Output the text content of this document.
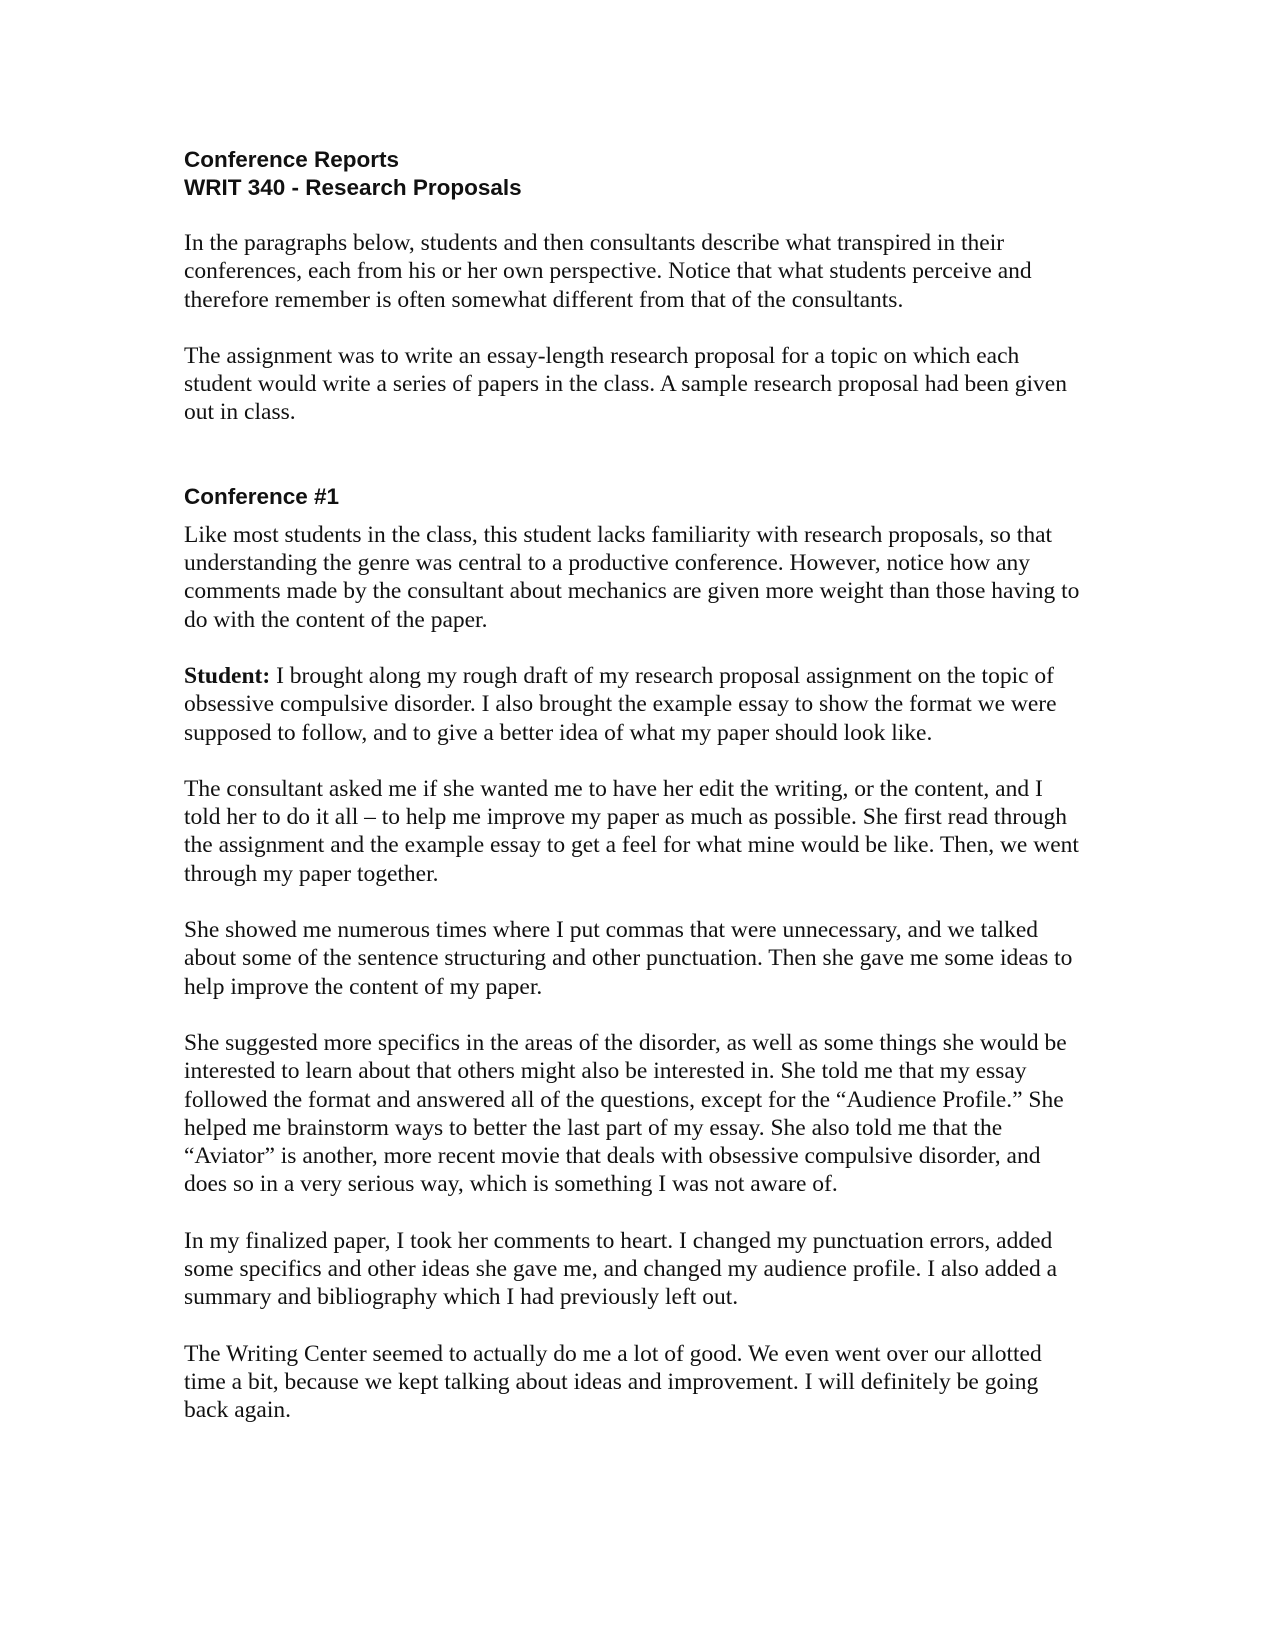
Conference Reports
WRIT 340 - Research Proposals

In the paragraphs below, students and then consultants describe what transpired in their conferences, each from his or her own perspective. Notice that what students perceive and therefore remember is often somewhat different from that of the consultants.

The assignment was to write an essay-length research proposal for a topic on which each student would write a series of papers in the class. A sample research proposal had been given out in class.

Conference #1

Like most students in the class, this student lacks familiarity with research proposals, so that understanding the genre was central to a productive conference. However, notice how any comments made by the consultant about mechanics are given more weight than those having to do with the content of the paper.

Student: I brought along my rough draft of my research proposal assignment on the topic of obsessive compulsive disorder. I also brought the example essay to show the format we were supposed to follow, and to give a better idea of what my paper should look like.

The consultant asked me if she wanted me to have her edit the writing, or the content, and I told her to do it all – to help me improve my paper as much as possible. She first read through the assignment and the example essay to get a feel for what mine would be like. Then, we went through my paper together.

She showed me numerous times where I put commas that were unnecessary, and we talked about some of the sentence structuring and other punctuation. Then she gave me some ideas to help improve the content of my paper.

She suggested more specifics in the areas of the disorder, as well as some things she would be interested to learn about that others might also be interested in. She told me that my essay followed the format and answered all of the questions, except for the “Audience Profile.” She helped me brainstorm ways to better the last part of my essay. She also told me that the “Aviator” is another, more recent movie that deals with obsessive compulsive disorder, and does so in a very serious way, which is something I was not aware of.

In my finalized paper, I took her comments to heart. I changed my punctuation errors, added some specifics and other ideas she gave me, and changed my audience profile. I also added a summary and bibliography which I had previously left out.

The Writing Center seemed to actually do me a lot of good. We even went over our allotted time a bit, because we kept talking about ideas and improvement. I will definitely be going back again.
